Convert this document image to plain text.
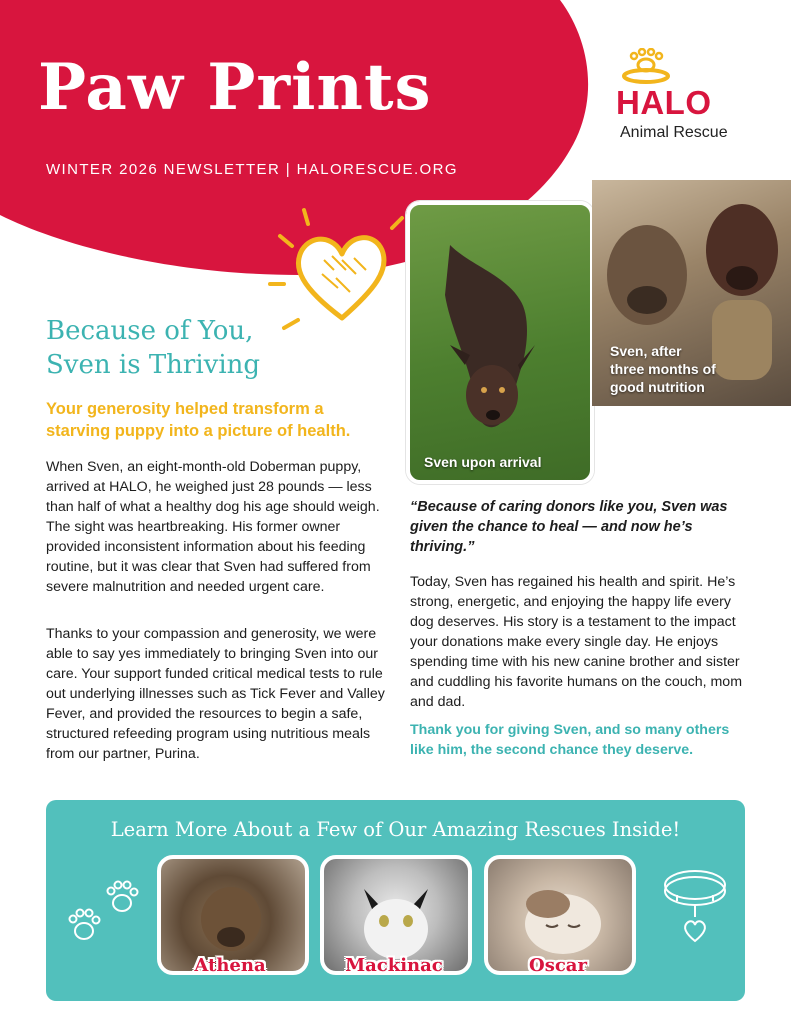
Paw Prints
WINTER 2026 NEWSLETTER | HALORESCUE.ORG
HALO
Animal Rescue
Sven upon arrival
Sven, after
three months of
good nutrition
Because of You,
Sven is Thriving

Your generosity helped transform a starving puppy into a picture of health.

When Sven, an eight-month-old Doberman puppy, arrived at HALO, he weighed just 28 pounds — less than half of what a healthy dog his age should weigh. The sight was heartbreaking. His former owner provided inconsistent information about his feeding routine, but it was clear that Sven had suffered from severe malnutrition and needed urgent care.

Thanks to your compassion and generosity, we were able to say yes immediately to bringing Sven into our care. Your support funded critical medical tests to rule out underlying illnesses such as Tick Fever and Valley Fever, and provided the resources to begin a safe, structured refeeding program using nutritious meals from our partner, Purina.

“Because of caring donors like you, Sven was given the chance to heal — and now he’s thriving.”

Today, Sven has regained his health and spirit. He’s strong, energetic, and enjoying the happy life every dog deserves. His story is a testament to the impact your donations make every single day. He enjoys spending time with his new canine brother and sister and cuddling his favorite humans on the couch, mom and dad.

Thank you for giving Sven, and so many others like him, the second chance they deserve.

Learn More About a Few of Our Amazing Rescues Inside!
Athena	Mackinac	Oscar
